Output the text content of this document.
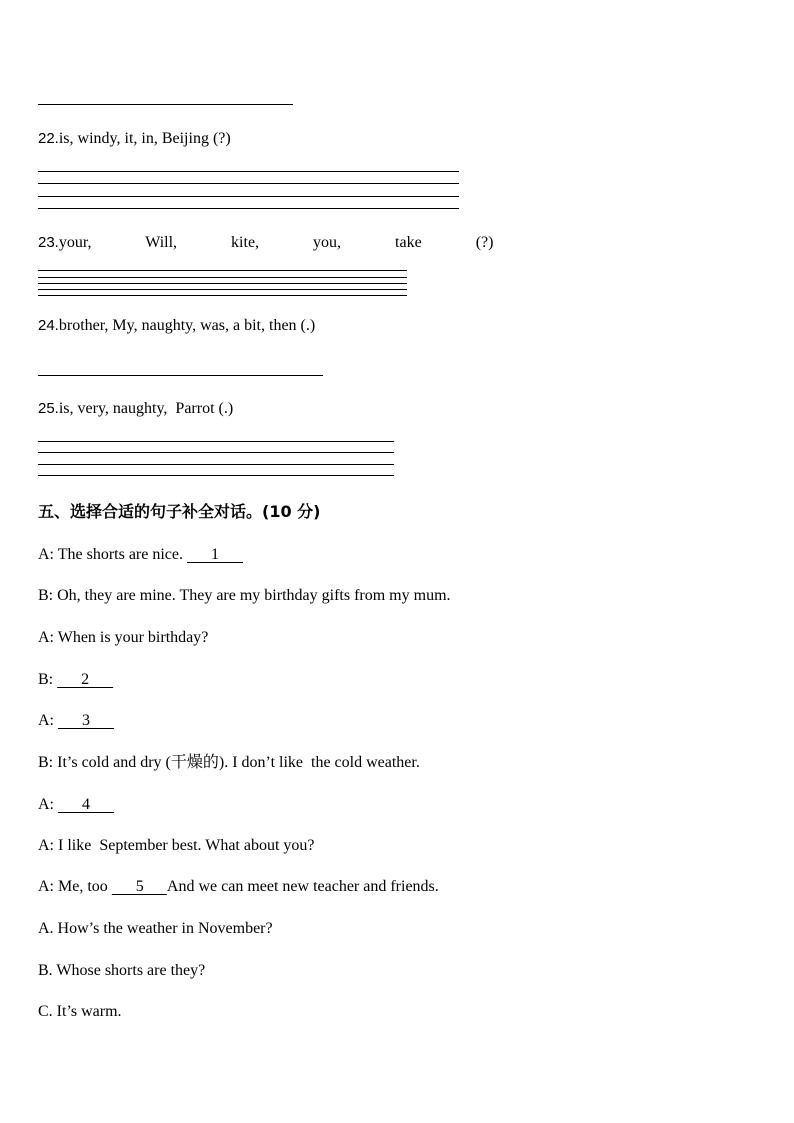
22.is, windy, it, in, Beijing (?)
23.your,   Will,   kite,   you,   take   (?)
24.brother, My, naughty, was, a bit, then (.)
25.is, very, naughty,  Parrot (.)
五、选择合适的句子补全对话。(10 分)
A: The shorts are nice.       1
B: Oh, they are mine. They are my birthday gifts from my mum.
A: When is your birthday?
B:       2
A:       3
B: It’s cold and dry (干燥的). I don’t like  the cold weather.
A:       4
A: I like  September best. What about you?
A: Me, too       5      And we can meet new teacher and friends.
A. How’s the weather in November?
B. Whose shorts are they?
C. It’s warm.
